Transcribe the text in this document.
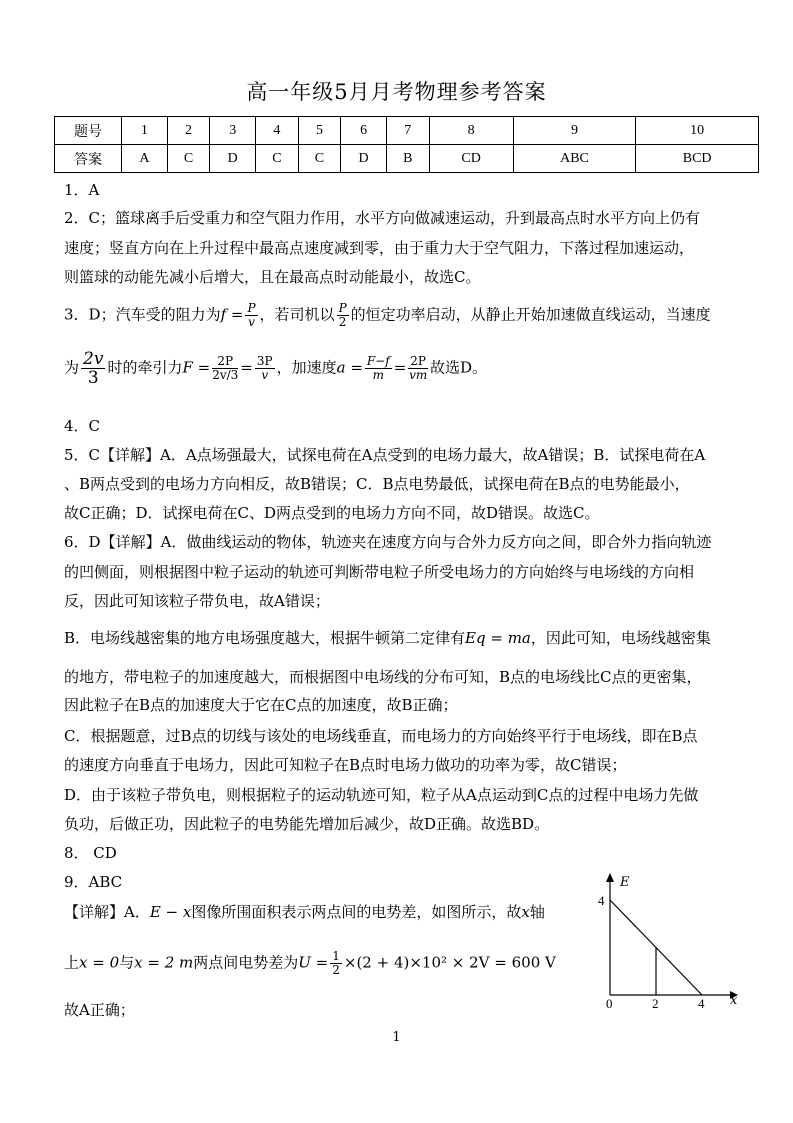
高一年级5月月考物理参考答案
题号	1	2	3	4	5	6	7	8	9	10
答案	A	C	D	C	C	D	B	CD	ABC	BCD
1．A
2．C；篮球离手后受重力和空气阻力作用，水平方向做减速运动，升到最高点时水平方向上仍有
速度；竖直方向在上升过程中最高点速度减到零，由于重力大于空气阻力，下落过程加速运动，
则篮球的动能先减小后增大，且在最高点时动能最小，故选C。
3．D；汽车受的阻力为$f = \frac{P}{v}$ ，若司机以 $\frac{P}{2}$ 的恒定功率启动，从静止开始加速做直线运动，当速度
为 $\frac{2v}{3}$ 时的牵引力$F = \frac{2P}{2v/3} = \frac{3P}{v}$ ，加速度$a = \frac{F-f}{m} = \frac{2P}{vm}$ 故选D。
4．C
5．C【详解】A．A点场强最大，试探电荷在A点受到的电场力最大，故A错误；B．试探电荷在A
、B两点受到的电场力方向相反，故B错误；C．B点电势最低，试探电荷在B点的电势能最小，
故C正确；D．试探电荷在C、D两点受到的电场力方向不同，故D错误。故选C。
6．D【详解】A．做曲线运动的物体，轨迹夹在速度方向与合外力反方向之间，即合外力指向轨迹
的凹侧面，则根据图中粒子运动的轨迹可判断带电粒子所受电场力的方向始终与电场线的方向相
反，因此可知该粒子带负电，故A错误；
B．电场线越密集的地方电场强度越大，根据牛顿第二定律有Eq = ma，因此可知，电场线越密集
的地方，带电粒子的加速度越大，而根据图中电场线的分布可知，B点的电场线比C点的更密集，
因此粒子在B点的加速度大于它在C点的加速度，故B正确；
C．根据题意，过B点的切线与该处的电场线垂直，而电场力的方向始终平行于电场线，即在B点
的速度方向垂直于电场力，因此可知粒子在B点时电场力做功的功率为零，故C错误；
D．由于该粒子带负电，则根据粒子的运动轨迹可知，粒子从A点运动到C点的过程中电场力先做
负功，后做正功，因此粒子的电势能先增加后减少，故D正确。故选BD。
8． CD
9．ABC
【详解】A．E − x图像所围面积表示两点间的电势差，如图所示，故x轴
上x = 0与x = 2 m两点间电势差为$U = \frac{1}{2} \times(2 + 4)\times 10^2 \times 2V = 600$ V
故A正确；
E
x
4
0	2	4
1
